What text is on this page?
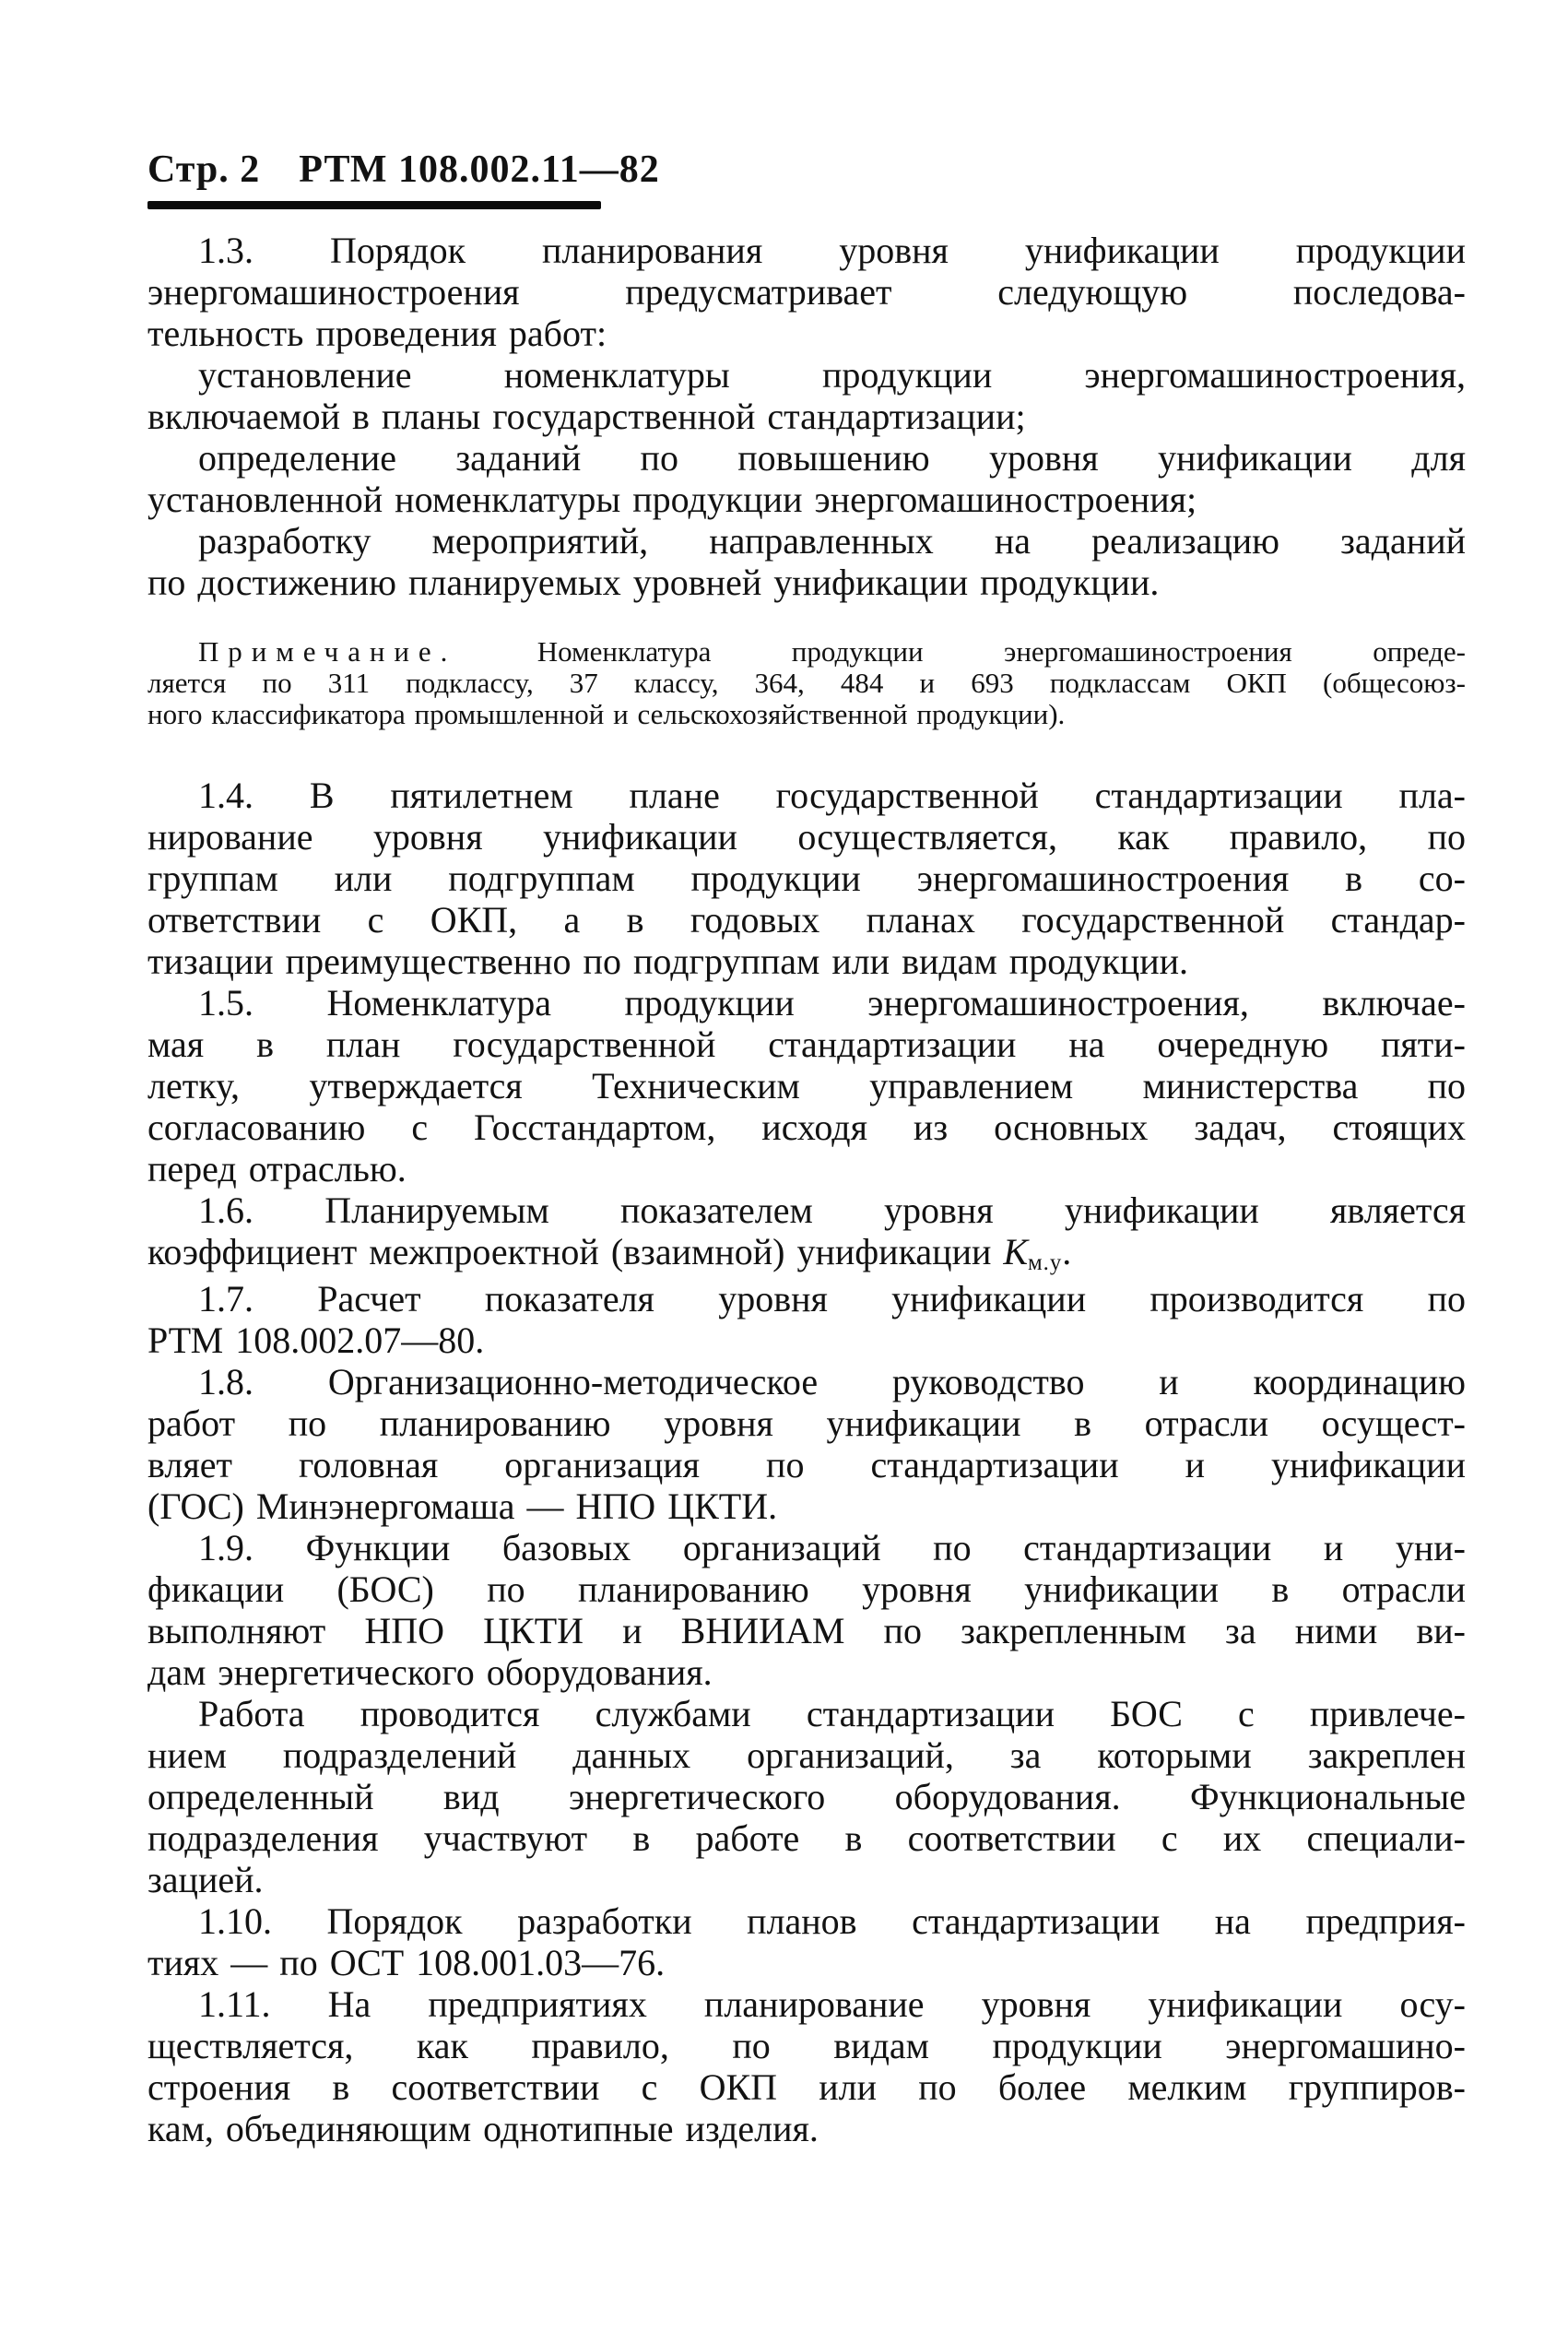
Стр. 2 РТМ 108.002.11—82
1.3. Порядок планирования уровня унификации продукции
энергомашиностроения предусматривает следующую последова-
тельность проведения работ:
установление номенклатуры продукции энергомашиностроения,
включаемой в планы государственной стандартизации;
определение заданий по повышению уровня унификации для
установленной номенклатуры продукции энергомашиностроения;
разработку мероприятий, направленных на реализацию заданий
по достижению планируемых уровней унификации продукции.
Примечание. Номенклатура продукции энергомашиностроения опреде-
ляется по 311 подклассу, 37 классу, 364, 484 и 693 подклассам ОКП (общесоюз-
ного классификатора промышленной и сельскохозяйственной продукции).
1.4. В пятилетнем плане государственной стандартизации пла-
нирование уровня унификации осуществляется, как правило, по
группам или подгруппам продукции энергомашиностроения в со-
ответствии с ОКП, а в годовых планах государственной стандар-
тизации преимущественно по подгруппам или видам продукции.
1.5. Номенклатура продукции энергомашиностроения, включае-
мая в план государственной стандартизации на очередную пяти-
летку, утверждается Техническим управлением министерства по
согласованию с Госстандартом, исходя из основных задач, стоящих
перед отраслью.
1.6. Планируемым показателем уровня унификации является
коэффициент межпроектной (взаимной) унификации Км.у.
1.7. Расчет показателя уровня унификации производится по
РТМ 108.002.07—80.
1.8. Организационно-методическое руководство и координацию
работ по планированию уровня унификации в отрасли осущест-
вляет головная организация по стандартизации и унификации
(ГОС) Минэнергомаша — НПО ЦКТИ.
1.9. Функции базовых организаций по стандартизации и уни-
фикации (БОС) по планированию уровня унификации в отрасли
выполняют НПО ЦКТИ и ВНИИАМ по закрепленным за ними ви-
дам энергетического оборудования.
Работа проводится службами стандартизации БОС с привлече-
нием подразделений данных организаций, за которыми закреплен
определенный вид энергетического оборудования. Функциональные
подразделения участвуют в работе в соответствии с их специали-
зацией.
1.10. Порядок разработки планов стандартизации на предприя-
тиях — по ОСТ 108.001.03—76.
1.11. На предприятиях планирование уровня унификации осу-
ществляется, как правило, по видам продукции энергомашино-
строения в соответствии с ОКП или по более мелким группиров-
кам, объединяющим однотипные изделия.
